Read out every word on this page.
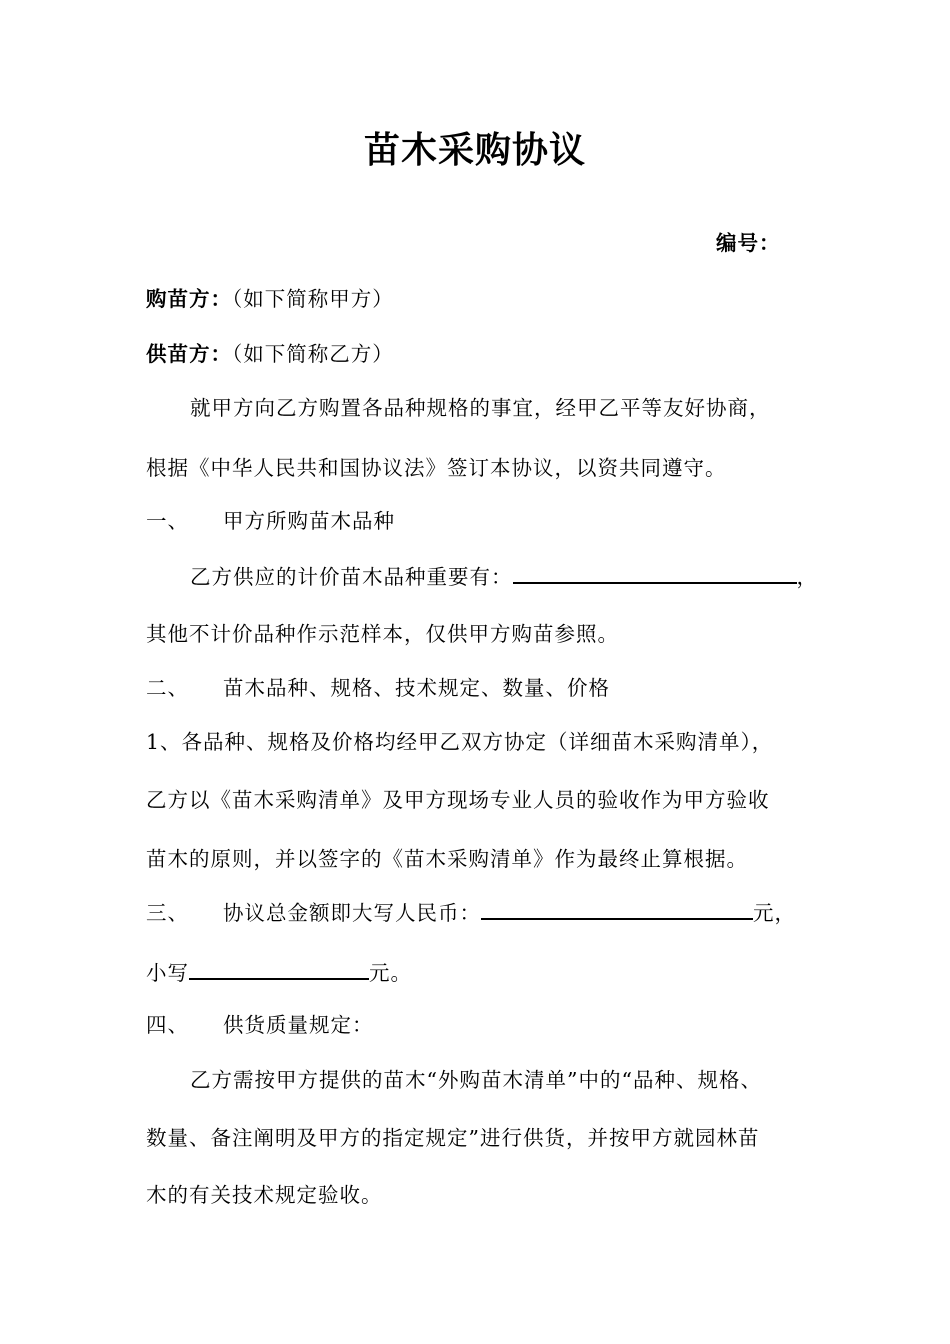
苗木采购协议
编号：
购苗方：（如下简称甲方）
供苗方：（如下简称乙方）
就甲方向乙方购置各品种规格的事宜，经甲乙平等友好协商，
根据《中华人民共和国协议法》签订本协议，以资共同遵守。
一、 甲方所购苗木品种
乙方供应的计价苗木品种重要有：	，
其他不计价品种作示范样本，仅供甲方购苗参照。
二、 苗木品种、规格、技术规定、数量、价格
1、各品种、规格及价格均经甲乙双方协定（详细苗木采购清单），
乙方以《苗木采购清单》及甲方现场专业人员的验收作为甲方验收
苗木的原则，并以签字的《苗木采购清单》作为最终止算根据。
三、 协议总金额即大写人民币：	元，
小写	元。
四、 供货质量规定：
乙方需按甲方提供的苗木“外购苗木清单”中的“品种、规格、
数量、备注阐明及甲方的指定规定”进行供货，并按甲方就园林苗
木的有关技术规定验收。
